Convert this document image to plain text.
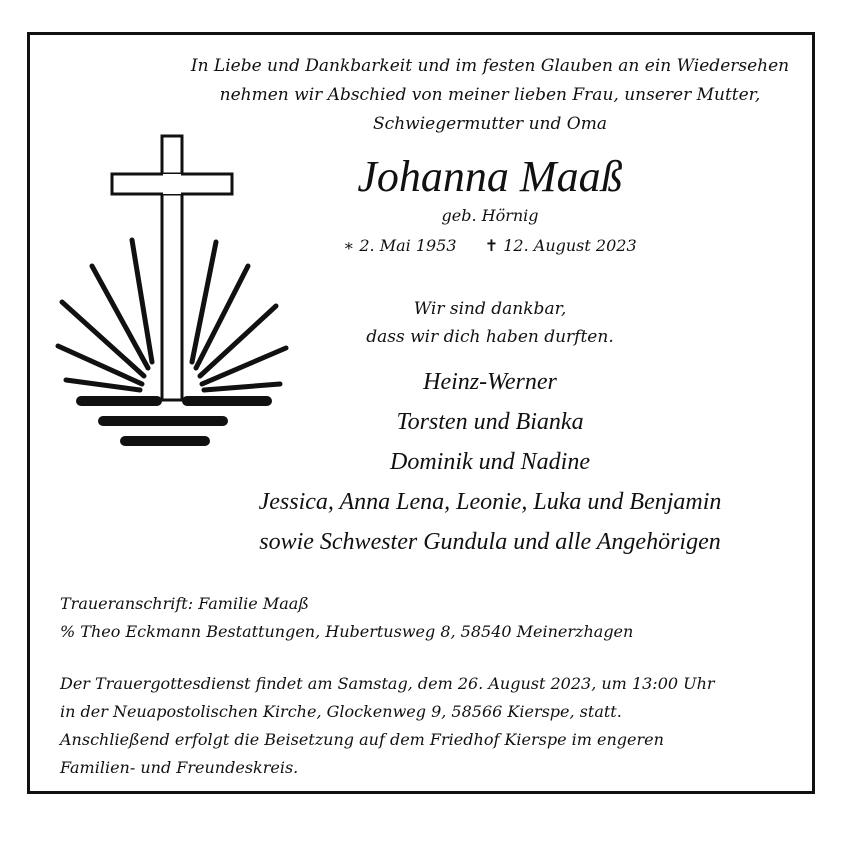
In Liebe und Dankbarkeit und im festen Glauben an ein Wiedersehen
nehmen wir Abschied von meiner lieben Frau, unserer Mutter,
Schwiegermutter und Oma
Johanna Maaß
geb. Hörnig
∗ 2. Mai 1953 ✝ 12. August 2023
Wir sind dankbar,
dass wir dich haben durften.
Heinz-Werner
Torsten und Bianka
Dominik und Nadine
Jessica, Anna Lena, Leonie, Luka und Benjamin
sowie Schwester Gundula und alle Angehörigen
Traueranschrift: Familie Maaß
% Theo Eckmann Bestattungen, Hubertusweg 8, 58540 Meinerzhagen
Der Trauergottesdienst findet am Samstag, dem 26. August 2023, um 13:00 Uhr
in der Neuapostolischen Kirche, Glockenweg 9, 58566 Kierspe, statt.
Anschließend erfolgt die Beisetzung auf dem Friedhof Kierspe im engeren
Familien- und Freundeskreis.
